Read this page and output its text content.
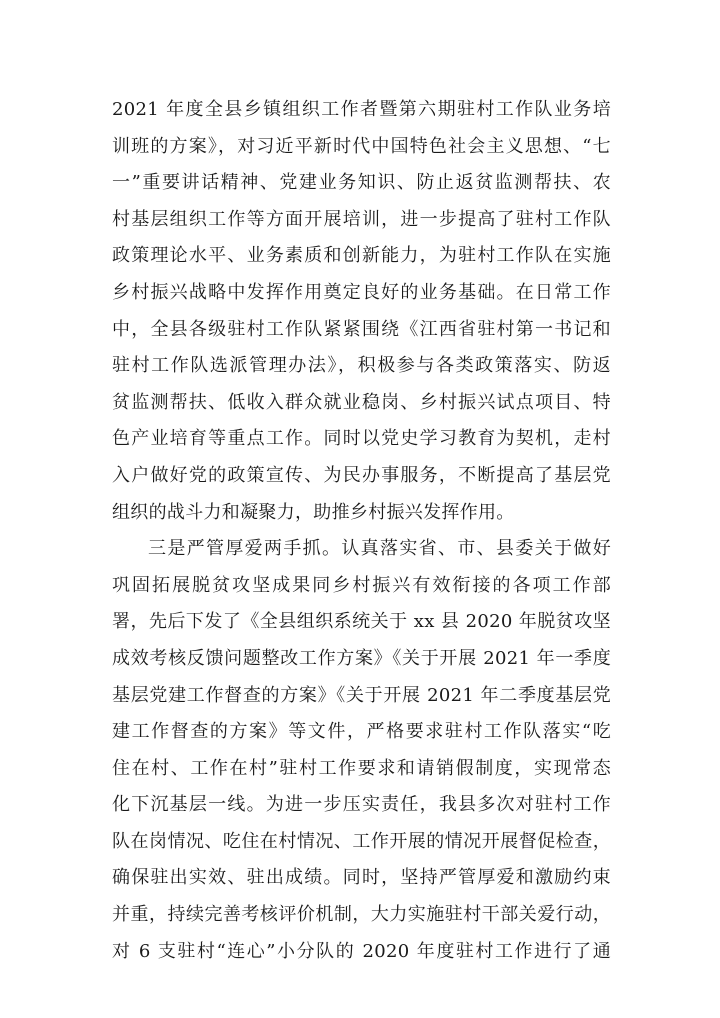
2021 年度全县乡镇组织工作者暨第六期驻村工作队业务培
训班的方案》，对习近平新时代中国特色社会主义思想、“七
一”重要讲话精神、党建业务知识、防止返贫监测帮扶、农
村基层组织工作等方面开展培训，进一步提高了驻村工作队
政策理论水平、业务素质和创新能力，为驻村工作队在实施
乡村振兴战略中发挥作用奠定良好的业务基础。在日常工作
中，全县各级驻村工作队紧紧围绕《江西省驻村第一书记和
驻村工作队选派管理办法》，积极参与各类政策落实、防返
贫监测帮扶、低收入群众就业稳岗、乡村振兴试点项目、特
色产业培育等重点工作。同时以党史学习教育为契机，走村
入户做好党的政策宣传、为民办事服务，不断提高了基层党
组织的战斗力和凝聚力，助推乡村振兴发挥作用。
三是严管厚爱两手抓。认真落实省、市、县委关于做好
巩固拓展脱贫攻坚成果同乡村振兴有效衔接的各项工作部
署，先后下发了《全县组织系统关于 xx 县 2020 年脱贫攻坚
成效考核反馈问题整改工作方案》《关于开展 2021 年一季度
基层党建工作督查的方案》《关于开展 2021 年二季度基层党
建工作督查的方案》等文件，严格要求驻村工作队落实“吃
住在村、工作在村”驻村工作要求和请销假制度，实现常态
化下沉基层一线。为进一步压实责任，我县多次对驻村工作
队在岗情况、吃住在村情况、工作开展的情况开展督促检查，
确保驻出实效、驻出成绩。同时，坚持严管厚爱和激励约束
并重，持续完善考核评价机制，大力实施驻村干部关爱行动，
对 6 支驻村“连心”小分队的 2020 年度驻村工作进行了通
